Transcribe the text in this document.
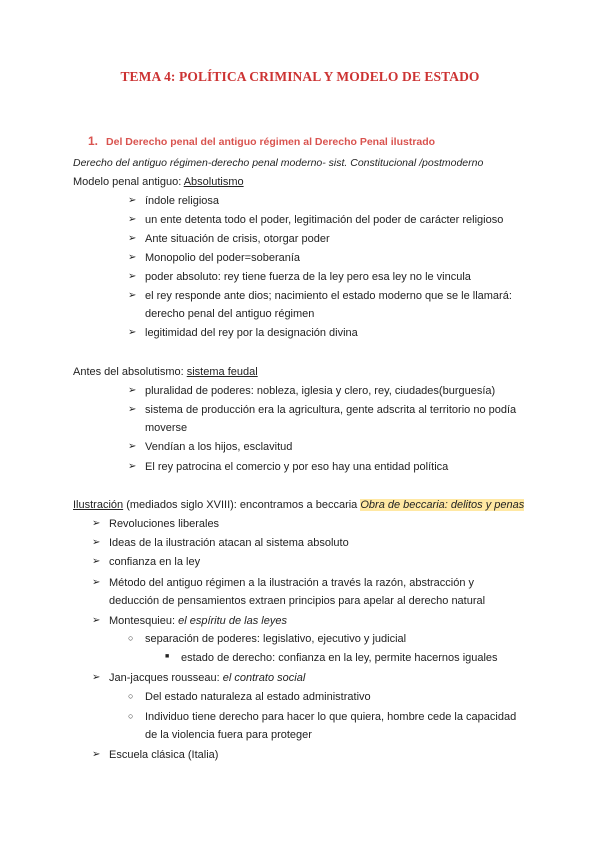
TEMA 4: POLÍTICA CRIMINAL Y MODELO DE ESTADO
1. Del Derecho penal del antiguo régimen al Derecho Penal ilustrado
Derecho del antiguo régimen-derecho penal moderno- sist. Constitucional /postmoderno
Modelo penal antiguo: Absolutismo
➢ índole religiosa
➢ un ente detenta todo el poder, legitimación del poder de carácter religioso
➢ Ante situación de crisis, otorgar poder
➢ Monopolio del poder=soberanía
➢ poder absoluto: rey tiene fuerza de la ley pero esa ley no le vincula
➢ el rey responde ante dios; nacimiento el estado moderno que se le llamará:
derecho penal del antiguo régimen
➢ legitimidad del rey por la designación divina
Antes del absolutismo: sistema feudal
➢ pluralidad de poderes: nobleza, iglesia y clero, rey, ciudades(burguesía)
➢ sistema de producción era la agricultura, gente adscrita al territorio no podía
moverse
➢ Vendían a los hijos, esclavitud
➢ El rey patrocina el comercio y por eso hay una entidad política
Ilustración (mediados siglo XVIII): encontramos a beccaria Obra de beccaria: delitos y penas
➢ Revoluciones liberales
➢ Ideas de la ilustración atacan al sistema absoluto
➢ confianza en la ley
➢ Método del antiguo régimen a la ilustración a través la razón, abstracción y
deducción de pensamientos extraen principios para apelar al derecho natural
➢ Montesquieu: el espíritu de las leyes
○ separación de poderes: legislativo, ejecutivo y judicial
■ estado de derecho: confianza en la ley, permite hacernos iguales
➢ Jan-jacques rousseau: el contrato social
○ Del estado naturaleza al estado administrativo
○ Individuo tiene derecho para hacer lo que quiera, hombre cede la capacidad
de la violencia fuera para proteger
➢ Escuela clásica (Italia)
